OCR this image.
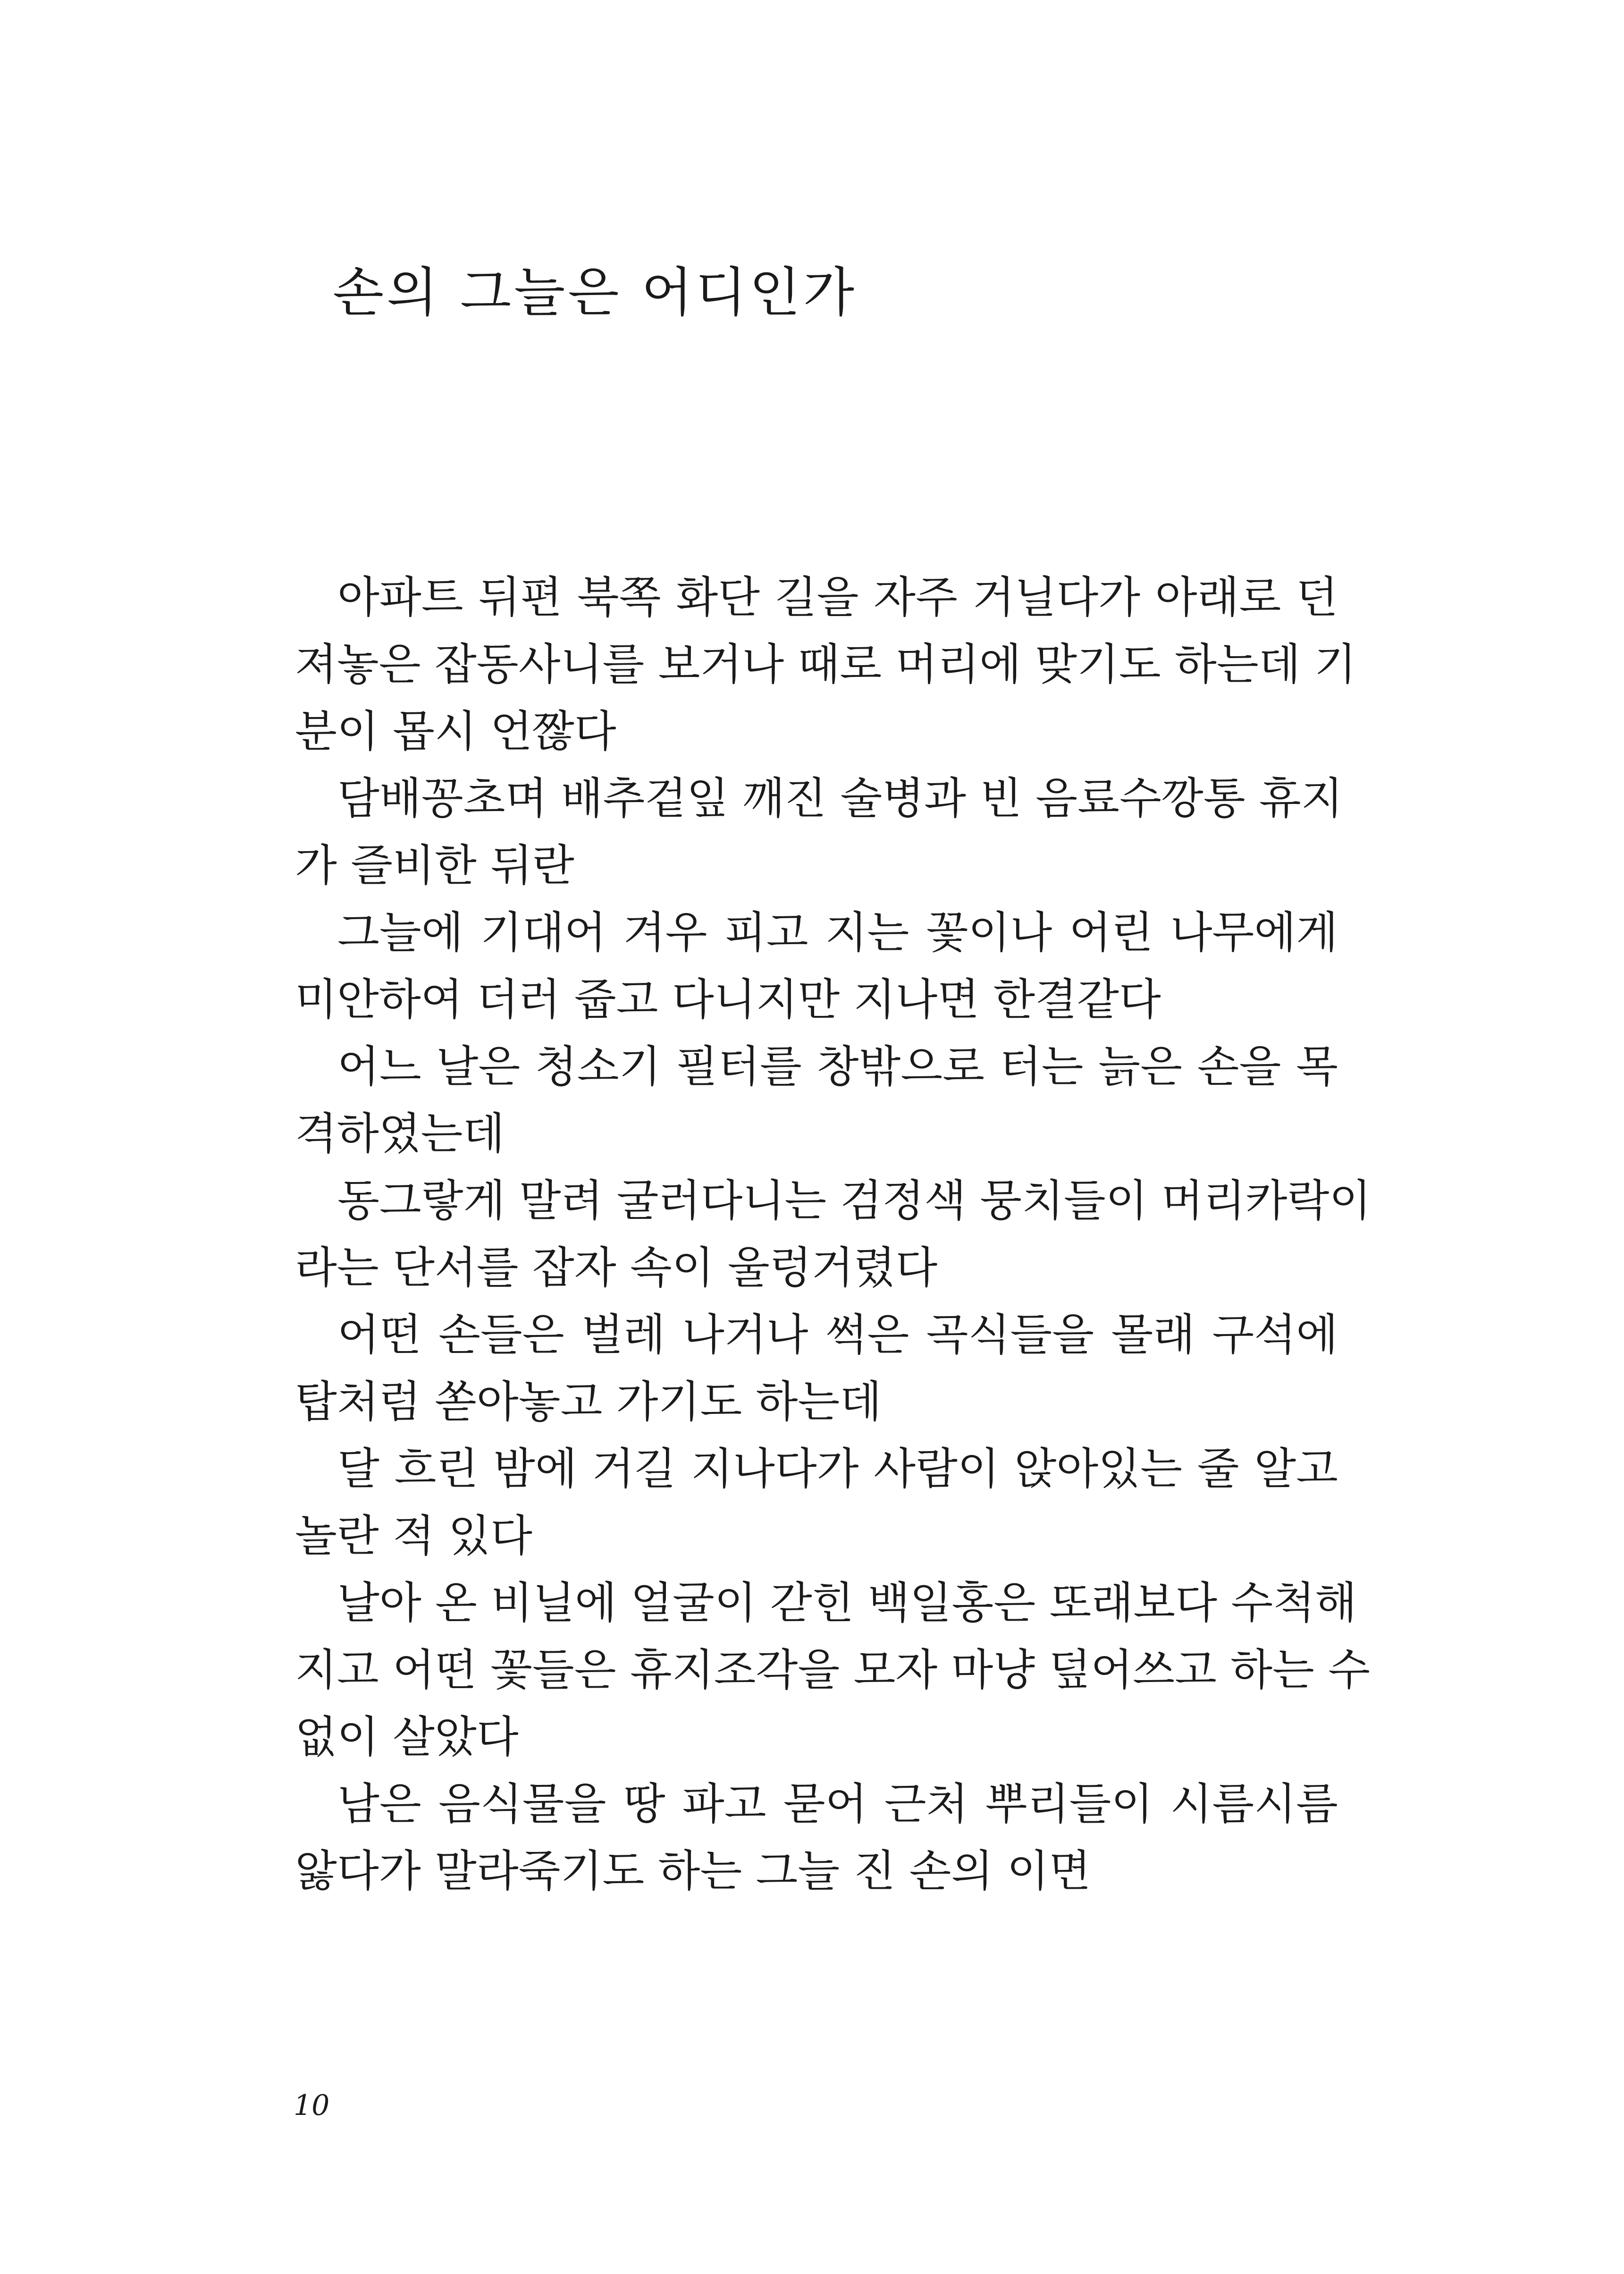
손의 그늘은 어디인가
아파트 뒤편 북쪽 화단 길을 자주 거닐다가 아래로 던
져놓은 잡동사니를 보거나 때로 머리에 맞기도 하는데 기
분이 몹시 언짢다
담배꽁초며 배추겉잎 깨진 술병과 빈 음료수깡통 휴지
가 즐비한 뒤란
그늘에 기대어 겨우 피고 지는 꽃이나 어린 나무에게
미안하여 더러 줍고 다니지만 지나면 한결같다
어느 날은 청소기 필터를 창밖으로 터는 늙은 손을 목
격하였는데
동그랗게 말려 굴러다니는 검정색 뭉치들이 머리카락이
라는 단서를 잡자 속이 울렁거렸다
어떤 손들은 벌레 나거나 썩은 곡식들을 몰래 구석에
탑처럼 쏟아놓고 가기도 하는데
달 흐린 밤에 거길 지나다가 사람이 앉아있는 줄 알고
놀란 적 있다
날아 온 비닐에 얼굴이 갇힌 백일홍은 또래보다 수척해
지고 어떤 꽃들은 휴지조각을 모자 마냥 덮어쓰고 하는 수
없이 살았다
남은 음식물을 땅 파고 묻어 근처 뿌리들이 시름시름
앓다가 말라죽기도 하는 그늘 진 손의 이면
10
